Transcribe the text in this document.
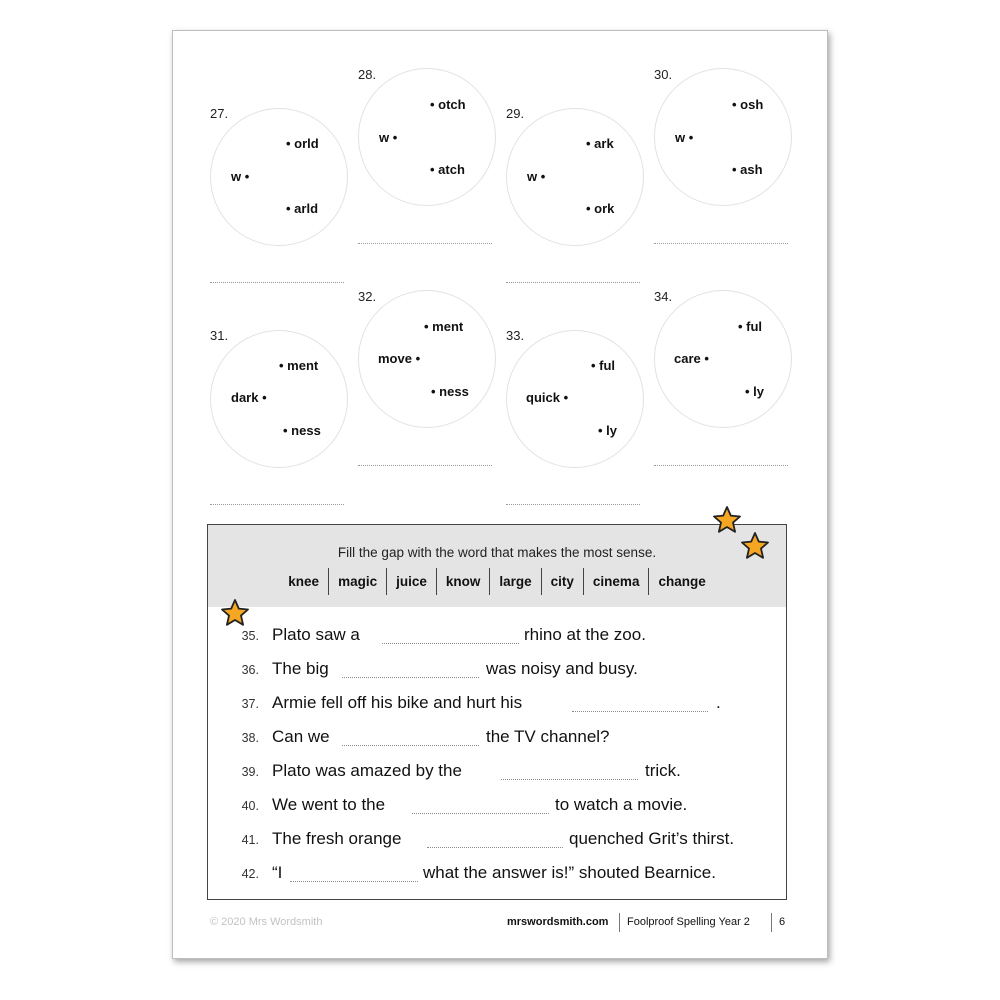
27.
w •
• orld
• arld
28.
w •
• otch
• atch
29.
w •
• ark
• ork
30.
w •
• osh
• ash
31.
dark •
• ment
• ness
32.
move •
• ment
• ness
33.
quick •
• ful
• ly
34.
care •
• ful
• ly
Fill the gap with the word that makes the most sense.
knee	magic	juice	know	large	city	cinema	change
35. Plato saw a	rhino at the zoo.
36. The big	was noisy and busy.
37. Armie fell off his bike and hurt his	.
38. Can we	the TV channel?
39. Plato was amazed by the	trick.
40. We went to the	to watch a movie.
41. The fresh orange	quenched Grit’s thirst.
42. “I	what the answer is!” shouted Bearnice.
© 2020 Mrs Wordsmith	mrswordsmith.com Foolproof Spelling Year 2	6
